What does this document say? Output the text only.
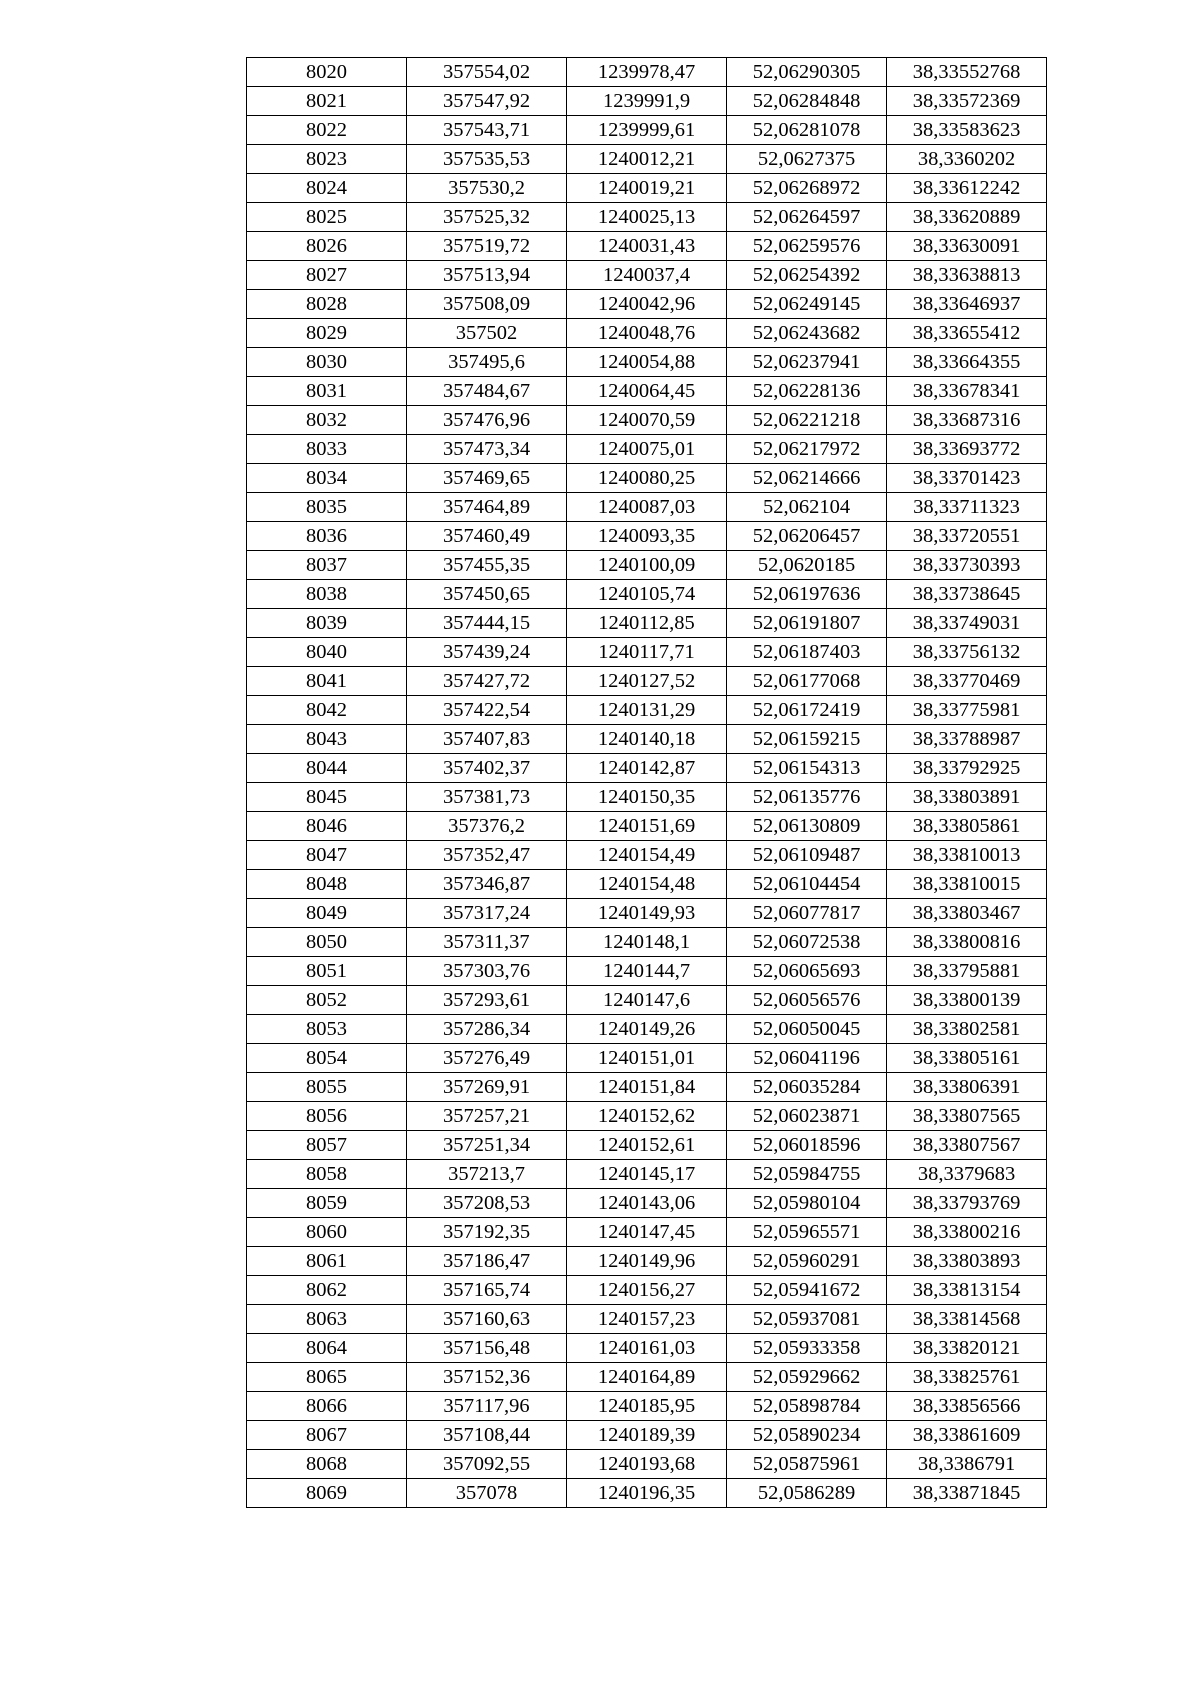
8020	357554,02	1239978,47	52,06290305	38,33552768
8021	357547,92	1239991,9	52,06284848	38,33572369
8022	357543,71	1239999,61	52,06281078	38,33583623
8023	357535,53	1240012,21	52,0627375	38,3360202
8024	357530,2	1240019,21	52,06268972	38,33612242
8025	357525,32	1240025,13	52,06264597	38,33620889
8026	357519,72	1240031,43	52,06259576	38,33630091
8027	357513,94	1240037,4	52,06254392	38,33638813
8028	357508,09	1240042,96	52,06249145	38,33646937
8029	357502	1240048,76	52,06243682	38,33655412
8030	357495,6	1240054,88	52,06237941	38,33664355
8031	357484,67	1240064,45	52,06228136	38,33678341
8032	357476,96	1240070,59	52,06221218	38,33687316
8033	357473,34	1240075,01	52,06217972	38,33693772
8034	357469,65	1240080,25	52,06214666	38,33701423
8035	357464,89	1240087,03	52,062104	38,33711323
8036	357460,49	1240093,35	52,06206457	38,33720551
8037	357455,35	1240100,09	52,0620185	38,33730393
8038	357450,65	1240105,74	52,06197636	38,33738645
8039	357444,15	1240112,85	52,06191807	38,33749031
8040	357439,24	1240117,71	52,06187403	38,33756132
8041	357427,72	1240127,52	52,06177068	38,33770469
8042	357422,54	1240131,29	52,06172419	38,33775981
8043	357407,83	1240140,18	52,06159215	38,33788987
8044	357402,37	1240142,87	52,06154313	38,33792925
8045	357381,73	1240150,35	52,06135776	38,33803891
8046	357376,2	1240151,69	52,06130809	38,33805861
8047	357352,47	1240154,49	52,06109487	38,33810013
8048	357346,87	1240154,48	52,06104454	38,33810015
8049	357317,24	1240149,93	52,06077817	38,33803467
8050	357311,37	1240148,1	52,06072538	38,33800816
8051	357303,76	1240144,7	52,06065693	38,33795881
8052	357293,61	1240147,6	52,06056576	38,33800139
8053	357286,34	1240149,26	52,06050045	38,33802581
8054	357276,49	1240151,01	52,06041196	38,33805161
8055	357269,91	1240151,84	52,06035284	38,33806391
8056	357257,21	1240152,62	52,06023871	38,33807565
8057	357251,34	1240152,61	52,06018596	38,33807567
8058	357213,7	1240145,17	52,05984755	38,3379683
8059	357208,53	1240143,06	52,05980104	38,33793769
8060	357192,35	1240147,45	52,05965571	38,33800216
8061	357186,47	1240149,96	52,05960291	38,33803893
8062	357165,74	1240156,27	52,05941672	38,33813154
8063	357160,63	1240157,23	52,05937081	38,33814568
8064	357156,48	1240161,03	52,05933358	38,33820121
8065	357152,36	1240164,89	52,05929662	38,33825761
8066	357117,96	1240185,95	52,05898784	38,33856566
8067	357108,44	1240189,39	52,05890234	38,33861609
8068	357092,55	1240193,68	52,05875961	38,3386791
8069	357078	1240196,35	52,0586289	38,33871845
